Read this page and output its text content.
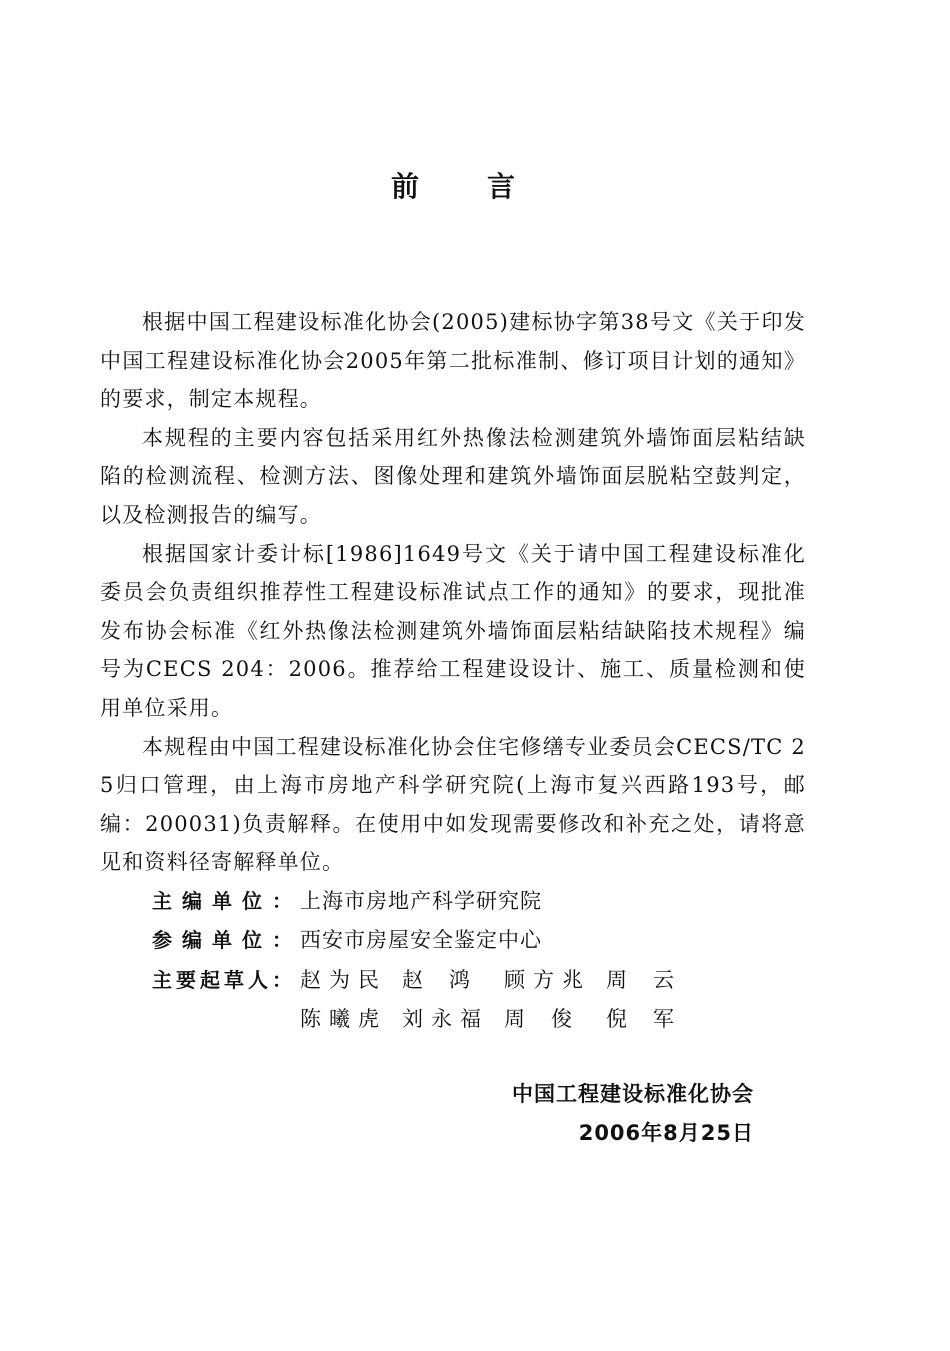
前言

根据中国工程建设标准化协会(2005)建标协字第38号文《关于印发中国工程建设标准化协会2005年第二批标准制、修订项目计划的通知》的要求，制定本规程。

本规程的主要内容包括采用红外热像法检测建筑外墙饰面层粘结缺陷的检测流程、检测方法、图像处理和建筑外墙饰面层脱粘空鼓判定，以及检测报告的编写。

根据国家计委计标[1986]1649号文《关于请中国工程建设标准化委员会负责组织推荐性工程建设标准试点工作的通知》的要求，现批准发布协会标准《红外热像法检测建筑外墙饰面层粘结缺陷技术规程》编号为CECS 204：2006。推荐给工程建设设计、施工、质量检测和使用单位采用。

本规程由中国工程建设标准化协会住宅修缮专业委员会CECS/TC 25归口管理，由上海市房地产科学研究院(上海市复兴西路193号，邮编：200031)负责解释。在使用中如发现需要修改和补充之处，请将意见和资料径寄解释单位。

主编单位： 上海市房地产科学研究院
参编单位： 西安市房屋安全鉴定中心
主要起草人： 赵为民 赵鸿 顾方兆 周云
陈曦虎 刘永福 周俊 倪军
中国工程建设标准化协会
2006年8月25日
